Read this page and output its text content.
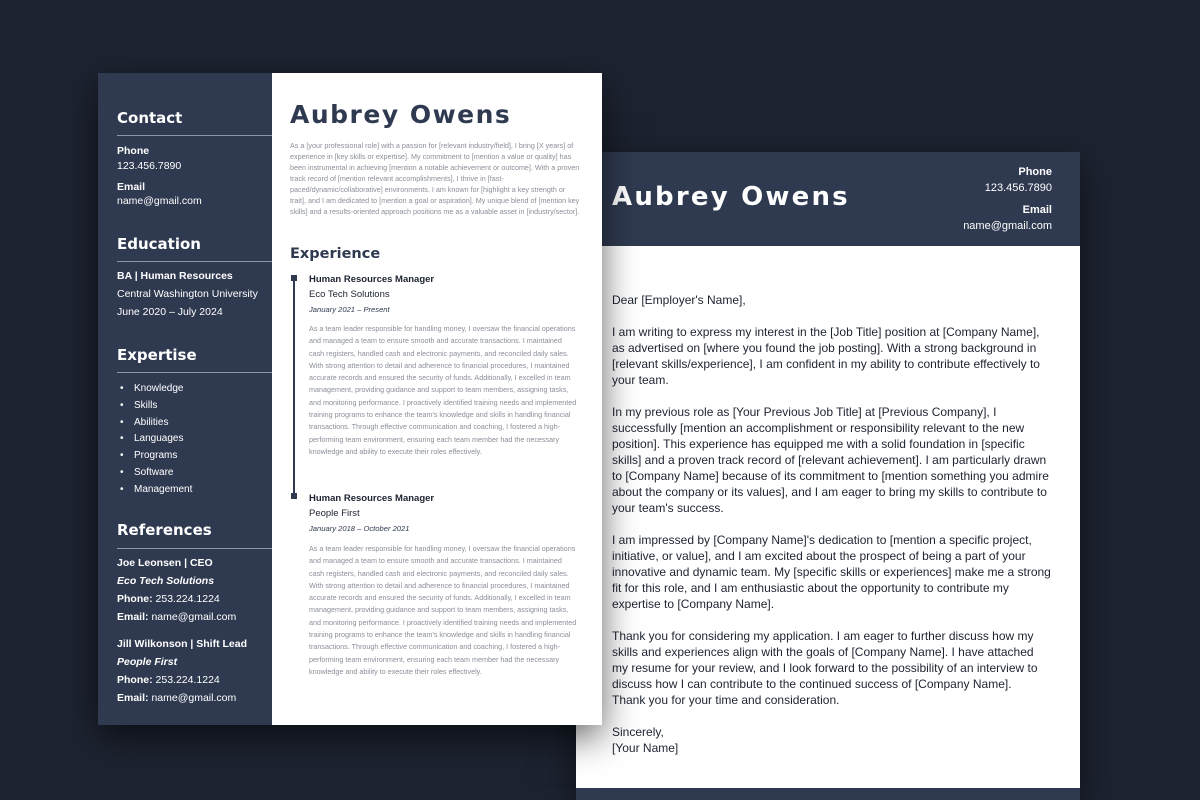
Aubrey Owens
Phone
123.456.7890
Email
name@gmail.com

Dear [Employer's Name],

I am writing to express my interest in the [Job Title] position at [Company Name], as advertised on [where you found the job posting]. With a strong background in [relevant skills/experience], I am confident in my ability to contribute effectively to your team.

In my previous role as [Your Previous Job Title] at [Previous Company], I successfully [mention an accomplishment or responsibility relevant to the new position]. This experience has equipped me with a solid foundation in [specific skills] and a proven track record of [relevant achievement]. I am particularly drawn to [Company Name] because of its commitment to [mention something you admire about the company or its values], and I am eager to bring my skills to contribute to your team's success.

I am impressed by [Company Name]'s dedication to [mention a specific project, initiative, or value], and I am excited about the prospect of being a part of your innovative and dynamic team. My [specific skills or experiences] make me a strong fit for this role, and I am enthusiastic about the opportunity to contribute my expertise to [Company Name].

Thank you for considering my application. I am eager to further discuss how my skills and experiences align with the goals of [Company Name]. I have attached my resume for your review, and I look forward to the possibility of an interview to discuss how I can contribute to the continued success of [Company Name].

Thank you for your time and consideration.

Sincerely,

[Your Name]

Contact
Phone
123.456.7890
Email
name@gmail.com
Education
BA | Human Resources
Central Washington University
June 2020 – July 2024
Expertise
• Knowledge
• Skills
• Abilities
• Languages
• Programs
• Software
• Management
References
Joe Leonsen | CEO
Eco Tech Solutions
Phone: 253.224.1224
Email: name@gmail.com
Jill Wilkonson | Shift Lead
People First
Phone: 253.224.1224
Email: name@gmail.com
Aubrey Owens
As a [your professional role] with a passion for [relevant industry/field], I bring [X years] of experience in [key skills or expertise]. My commitment to [mention a value or quality] has been instrumental in achieving [mention a notable achievement or outcome]. With a proven track record of [mention relevant accomplishments], I thrive in [fast-paced/dynamic/collaborative] environments. I am known for [highlight a key strength or trait], and I am dedicated to [mention a goal or aspiration]. My unique blend of [mention key skills] and a results-oriented approach positions me as a valuable asset in [industry/sector].
Experience
Human Resources Manager
Eco Tech Solutions
January 2021 – Present
As a team leader responsible for handling money, I oversaw the financial operations and managed a team to ensure smooth and accurate transactions. I maintained cash registers, handled cash and electronic payments, and reconciled daily sales. With strong attention to detail and adherence to financial procedures, I maintained accurate records and ensured the security of funds. Additionally, I excelled in team management, providing guidance and support to team members, assigning tasks, and monitoring performance. I proactively identified training needs and implemented training programs to enhance the team's knowledge and skills in handling financial transactions. Through effective communication and coaching, I fostered a high-performing team environment, ensuring each team member had the necessary knowledge and ability to execute their roles effectively.
Human Resources Manager
People First
January 2018 – October 2021
As a team leader responsible for handling money, I oversaw the financial operations and managed a team to ensure smooth and accurate transactions. I maintained cash registers, handled cash and electronic payments, and reconciled daily sales. With strong attention to detail and adherence to financial procedures, I maintained accurate records and ensured the security of funds. Additionally, I excelled in team management, providing guidance and support to team members, assigning tasks, and monitoring performance. I proactively identified training needs and implemented training programs to enhance the team's knowledge and skills in handling financial transactions. Through effective communication and coaching, I fostered a high-performing team environment, ensuring each team member had the necessary knowledge and ability to execute their roles effectively.
